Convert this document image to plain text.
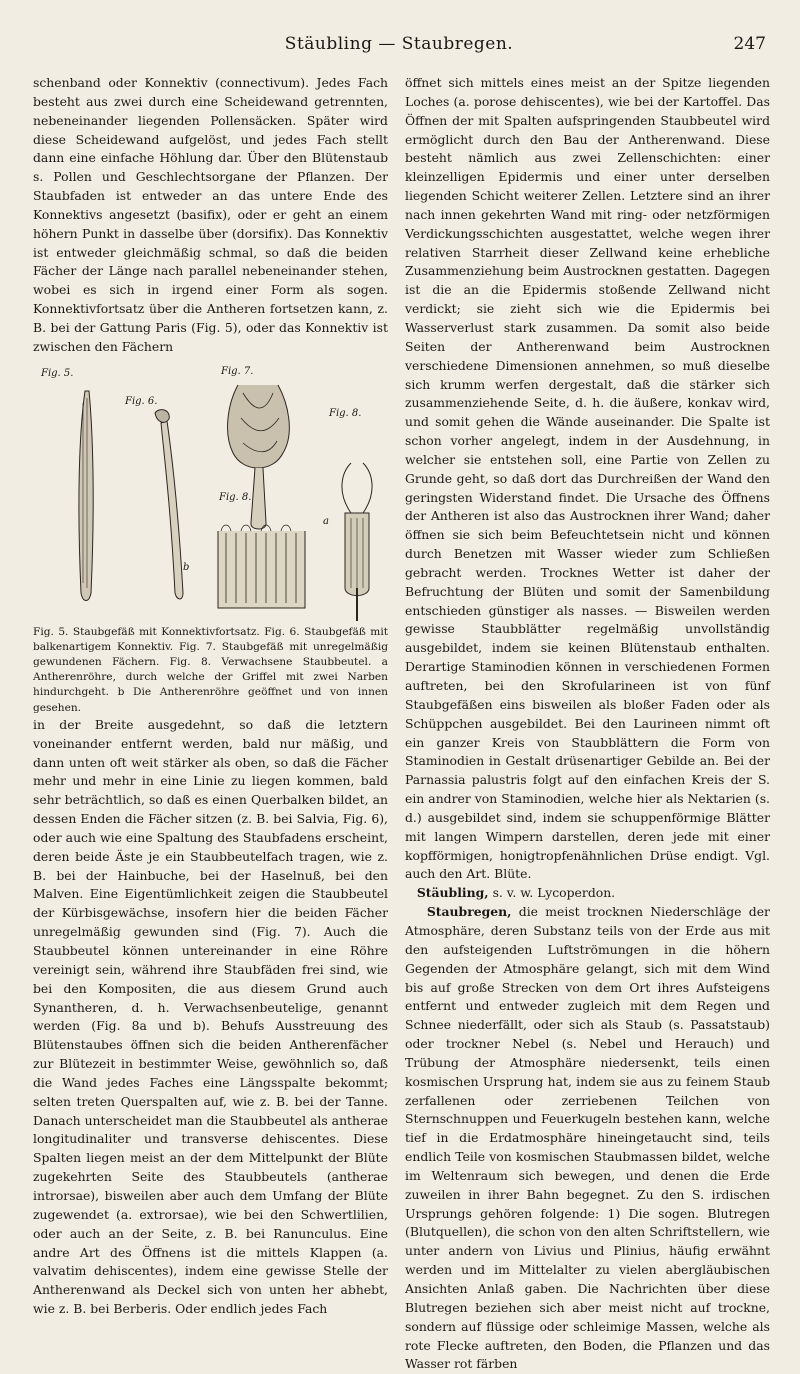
Stäubling — Staubregen.	247

schenband oder Konnektiv (connectivum). Jedes Fach besteht aus zwei durch eine Scheidewand getrennten, nebeneinander liegenden Pollensäcken. Später wird diese Scheidewand aufgelöst, und jedes Fach stellt dann eine einfache Höhlung dar. Über den Blütenstaub s. Pollen und Geschlechtsorgane der Pflanzen. Der Staubfaden ist entweder an das untere Ende des Konnektivs angesetzt (basifix), oder er geht an einem höhern Punkt in dasselbe über (dorsifix). Das Konnektiv ist entweder gleichmäßig schmal, so daß die beiden Fächer der Länge nach parallel nebeneinander stehen, wobei es sich in irgend einer Form als sogen. Konnektivfortsatz über die Antheren fortsetzen kann, z. B. bei der Gattung Paris (Fig. 5), oder das Konnektiv ist zwischen den Fächern

Fig. 5.
Fig. 6.
Fig. 7.
Fig. 8.
Fig. 8.
a
b

Fig. 5. Staubgefäß mit Konnektivfortsatz. Fig. 6. Staubgefäß mit balkenartigem Konnektiv. Fig. 7. Staubgefäß mit unregelmäßig gewundenen Fächern. Fig. 8. Verwachsene Staubbeutel. a Antherenröhre, durch welche der Griffel mit zwei Narben hindurchgeht. b Die Antherenröhre geöffnet und von innen gesehen.

in der Breite ausgedehnt, so daß die letztern voneinander entfernt werden, bald nur mäßig, und dann unten oft weit stärker als oben, so daß die Fächer mehr und mehr in eine Linie zu liegen kommen, bald sehr beträchtlich, so daß es einen Querbalken bildet, an dessen Enden die Fächer sitzen (z. B. bei Salvia, Fig. 6), oder auch wie eine Spaltung des Staubfadens erscheint, deren beide Äste je ein Staubbeutelfach tragen, wie z. B. bei der Hainbuche, bei der Haselnuß, bei den Malven. Eine Eigentümlichkeit zeigen die Staubbeutel der Kürbisgewächse, insofern hier die beiden Fächer unregelmäßig gewunden sind (Fig. 7). Auch die Staubbeutel können untereinander in eine Röhre vereinigt sein, während ihre Staubfäden frei sind, wie bei den Kompositen, die aus diesem Grund auch Synantheren, d. h. Verwachsenbeutelige, genannt werden (Fig. 8a und b). Behufs Ausstreuung des Blütenstaubes öffnen sich die beiden Antherenfächer zur Blütezeit in bestimmter Weise, gewöhnlich so, daß die Wand jedes Faches eine Längsspalte bekommt; selten treten Querspalten auf, wie z. B. bei der Tanne. Danach unterscheidet man die Staubbeutel als antherae longitudinaliter und transverse dehiscentes. Diese Spalten liegen meist an der dem Mittelpunkt der Blüte zugekehrten Seite des Staubbeutels (antherae introrsae), bisweilen aber auch dem Umfang der Blüte zugewendet (a. extrorsae), wie bei den Schwertlilien, oder auch an der Seite, z. B. bei Ranunculus. Eine andre Art des Öffnens ist die mittels Klappen (a. valvatim dehiscentes), indem eine gewisse Stelle der Antherenwand als Deckel sich von unten her abhebt, wie z. B. bei Berberis. Oder endlich jedes Fach

öffnet sich mittels eines meist an der Spitze liegenden Loches (a. porose dehiscentes), wie bei der Kartoffel. Das Öffnen der mit Spalten aufspringenden Staubbeutel wird ermöglicht durch den Bau der Antherenwand. Diese besteht nämlich aus zwei Zellenschichten: einer kleinzelligen Epidermis und einer unter derselben liegenden Schicht weiterer Zellen. Letztere sind an ihrer nach innen gekehrten Wand mit ring- oder netzförmigen Verdickungsschichten ausgestattet, welche wegen ihrer relativen Starrheit dieser Zellwand keine erhebliche Zusammenziehung beim Austrocknen gestatten. Dagegen ist die an die Epidermis stoßende Zellwand nicht verdickt; sie zieht sich wie die Epidermis bei Wasserverlust stark zusammen. Da somit also beide Seiten der Antherenwand beim Austrocknen verschiedene Dimensionen annehmen, so muß dieselbe sich krumm werfen dergestalt, daß die stärker sich zusammenziehende Seite, d. h. die äußere, konkav wird, und somit gehen die Wände auseinander. Die Spalte ist schon vorher angelegt, indem in der Ausdehnung, in welcher sie entstehen soll, eine Partie von Zellen zu Grunde geht, so daß dort das Durchreißen der Wand den geringsten Widerstand findet. Die Ursache des Öffnens der Antheren ist also das Austrocknen ihrer Wand; daher öffnen sie sich beim Befeuchtetsein nicht und können durch Benetzen mit Wasser wieder zum Schließen gebracht werden. Trocknes Wetter ist daher der Befruchtung der Blüten und somit der Samenbildung entschieden günstiger als nasses. — Bisweilen werden gewisse Staubblätter regelmäßig unvollständig ausgebildet, indem sie keinen Blütenstaub enthalten. Derartige Staminodien können in verschiedenen Formen auftreten, bei den Skrofularineen ist von fünf Staubgefäßen eins bisweilen als bloßer Faden oder als Schüppchen ausgebildet. Bei den Laurineen nimmt oft ein ganzer Kreis von Staubblättern die Form von Staminodien in Gestalt drüsenartiger Gebilde an. Bei der Parnassia palustris folgt auf den einfachen Kreis der S. ein andrer von Staminodien, welche hier als Nektarien (s. d.) ausgebildet sind, indem sie schuppenförmige Blätter mit langen Wimpern darstellen, deren jede mit einer kopfförmigen, honigtropfenähnlichen Drüse endigt. Vgl. auch den Art. Blüte.

Stäubling, s. v. w. Lycoperdon.

Staubregen, die meist trocknen Niederschläge der Atmosphäre, deren Substanz teils von der Erde aus mit den aufsteigenden Luftströmungen in die höhern Gegenden der Atmosphäre gelangt, sich mit dem Wind bis auf große Strecken von dem Ort ihres Aufsteigens entfernt und entweder zugleich mit dem Regen und Schnee niederfällt, oder sich als Staub (s. Passatstaub) oder trockner Nebel (s. Nebel und Herauch) und Trübung der Atmosphäre niedersenkt, teils einen kosmischen Ursprung hat, indem sie aus zu feinem Staub zerfallenen oder zerriebenen Teilchen von Sternschnuppen und Feuerkugeln bestehen kann, welche tief in die Erdatmosphäre hineingetaucht sind, teils endlich Teile von kosmischen Staubmassen bildet, welche im Weltenraum sich bewegen, und denen die Erde zuweilen in ihrer Bahn begegnet. Zu den S. irdischen Ursprungs gehören folgende: 1) Die sogen. Blutregen (Blutquellen), die schon von den alten Schriftstellern, wie unter andern von Livius und Plinius, häufig erwähnt werden und im Mittelalter zu vielen abergläubischen Ansichten Anlaß gaben. Die Nachrichten über diese Blutregen beziehen sich aber meist nicht auf trockne, sondern auf flüssige oder schleimige Massen, welche als rote Flecke auftreten, den Boden, die Pflanzen und das Wasser rot färben
